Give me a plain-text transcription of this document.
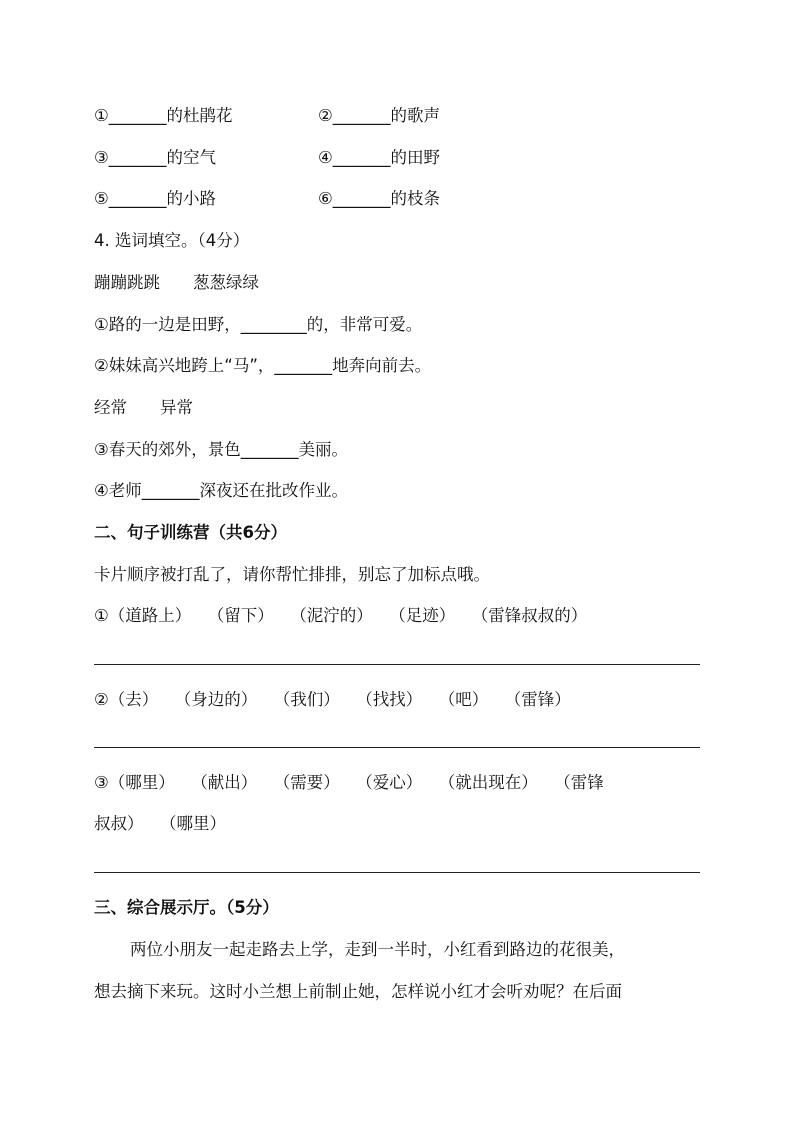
①_______的杜鹃花	②_______的歌声
③_______的空气	④_______的田野
⑤_______的小路	⑥_______的枝条
4. 选词填空。（4分）
蹦蹦跳跳　　葱葱绿绿
①路的一边是田野，________的，非常可爱。
②妹妹高兴地跨上“马”，_______地奔向前去。
经常　　异常
③春天的郊外，景色_______美丽。
④老师_______深夜还在批改作业。
二、句子训练营（共6分）
卡片顺序被打乱了，请你帮忙排排，别忘了加标点哦。
①（道路上）　　（留下）　　（泥泞的）　　（足迹）　　（雷锋叔叔的）
②（去）　　（身边的）　　（我们）　　（找找）　　（吧）　　（雷锋）
③（哪里）　　（献出）　　（需要）　　（爱心）　　（就出现在）　　（雷锋
叔叔）　　（哪里）
三、综合展示厅。（5分）
两位小朋友一起走路去上学，走到一半时，小红看到路边的花很美，
想去摘下来玩。这时小兰想上前制止她，怎样说小红才会听劝呢？在后面
